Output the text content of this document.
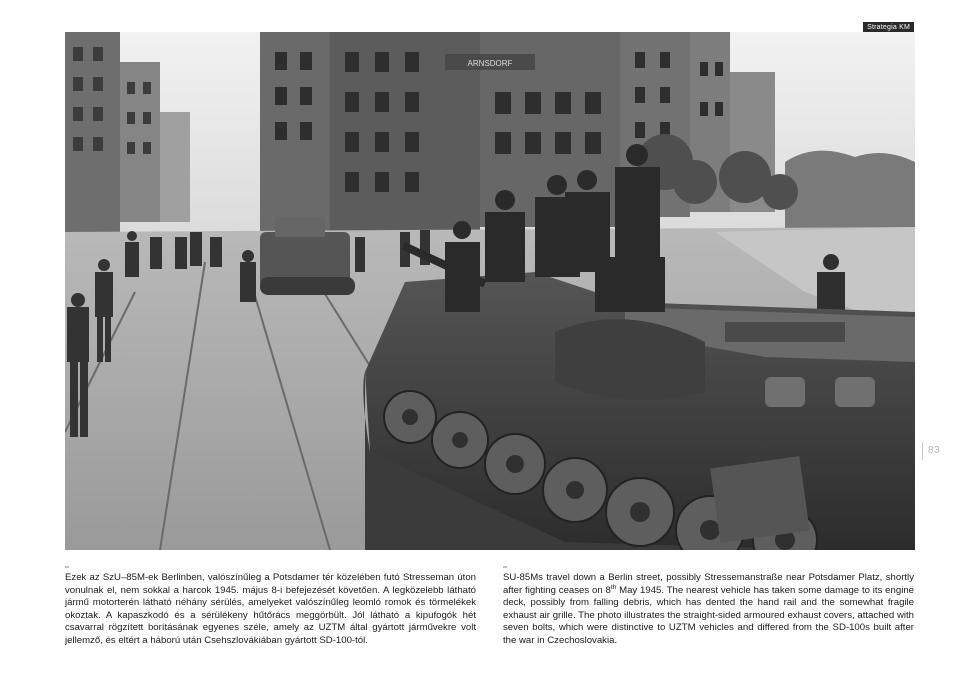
Strategia KM
ARNSDORF
83

Ezek az SzU–85M-ek Berlinben, valószínűleg a Potsdamer tér közelében futó Stresseman úton vonulnak el, nem sokkal a harcok 1945. május 8-i befejezését követően. A legközelebb látható jármű motorterén látható néhány sérülés, amelyeket valószínűleg leomló romok és törmelékek okoztak. A kapaszkodó és a sérülékeny hűtőrács meggörbült. Jól látható a kipufogók hét csavarral rögzített borításának egyenes széle, amely az UZTM által gyártott járművekre volt jellemző, és eltért a háború után Csehszlovákiában gyártott SD-100-tól.

SU-85Ms travel down a Berlin street, possibly Stressemanstraße near Potsdamer Platz, shortly after fighting ceases on 8th May 1945. The nearest vehicle has taken some damage to its engine deck, possibly from falling debris, which has dented the hand rail and the somewhat fragile exhaust air grille. The photo illustrates the straight-sided armoured exhaust covers, attached with seven bolts, which were distinctive to UZTM vehicles and differed from the SD-100s built after the war in Czechoslovakia.
